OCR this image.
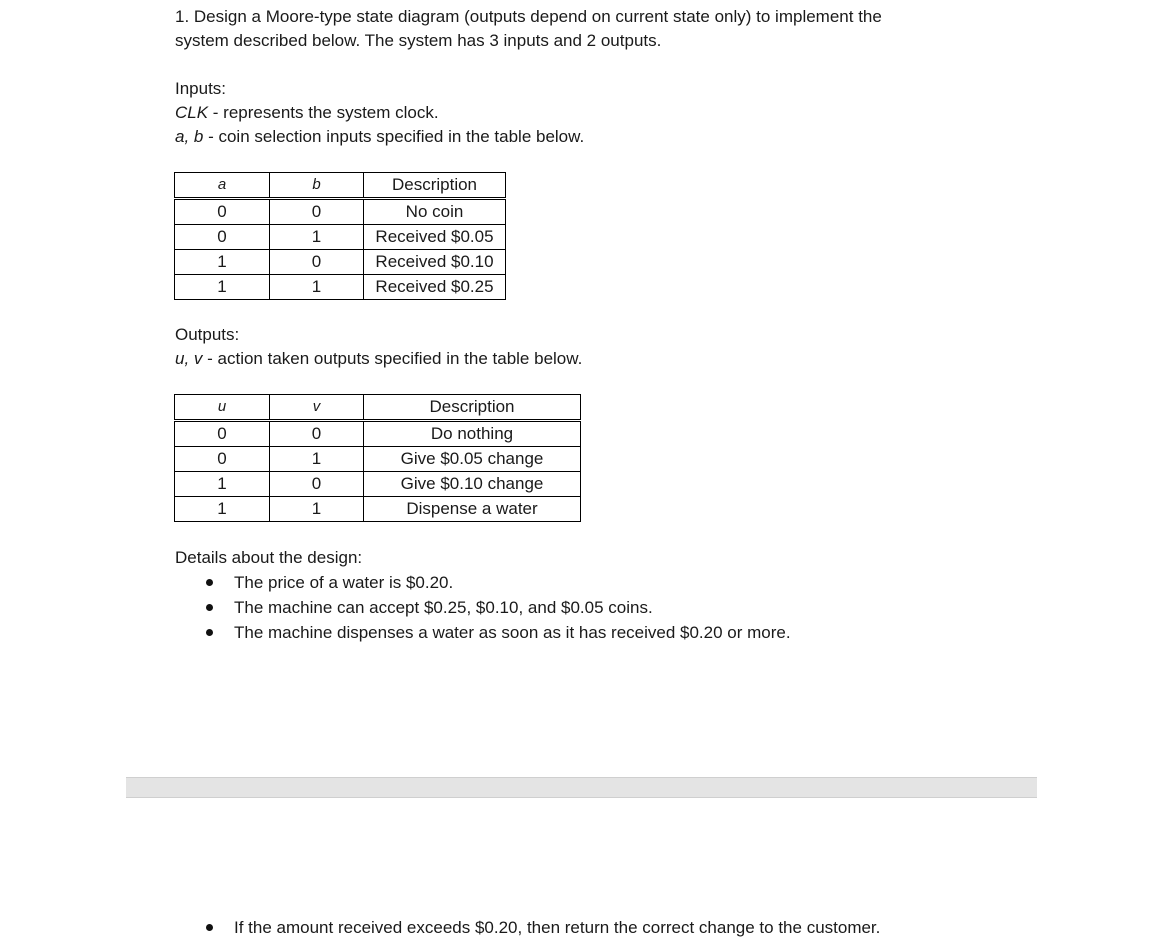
1. Design a Moore-type state diagram (outputs depend on current state only) to implement the
system described below. The system has 3 inputs and 2 outputs.
Inputs:
CLK - represents the system clock.
a, b - coin selection inputs specified in the table below.
a	b	Description
0	0	No coin
0	1	Received $0.05
1	0	Received $0.10
1	1	Received $0.25
Outputs:
u, v - action taken outputs specified in the table below.
u	v	Description
0	0	Do nothing
0	1	Give $0.05 change
1	0	Give $0.10 change
1	1	Dispense a water
Details about the design:
The price of a water is $0.20.
The machine can accept $0.25, $0.10, and $0.05 coins.
The machine dispenses a water as soon as it has received $0.20 or more.
If the amount received exceeds $0.20, then return the correct change to the customer.
